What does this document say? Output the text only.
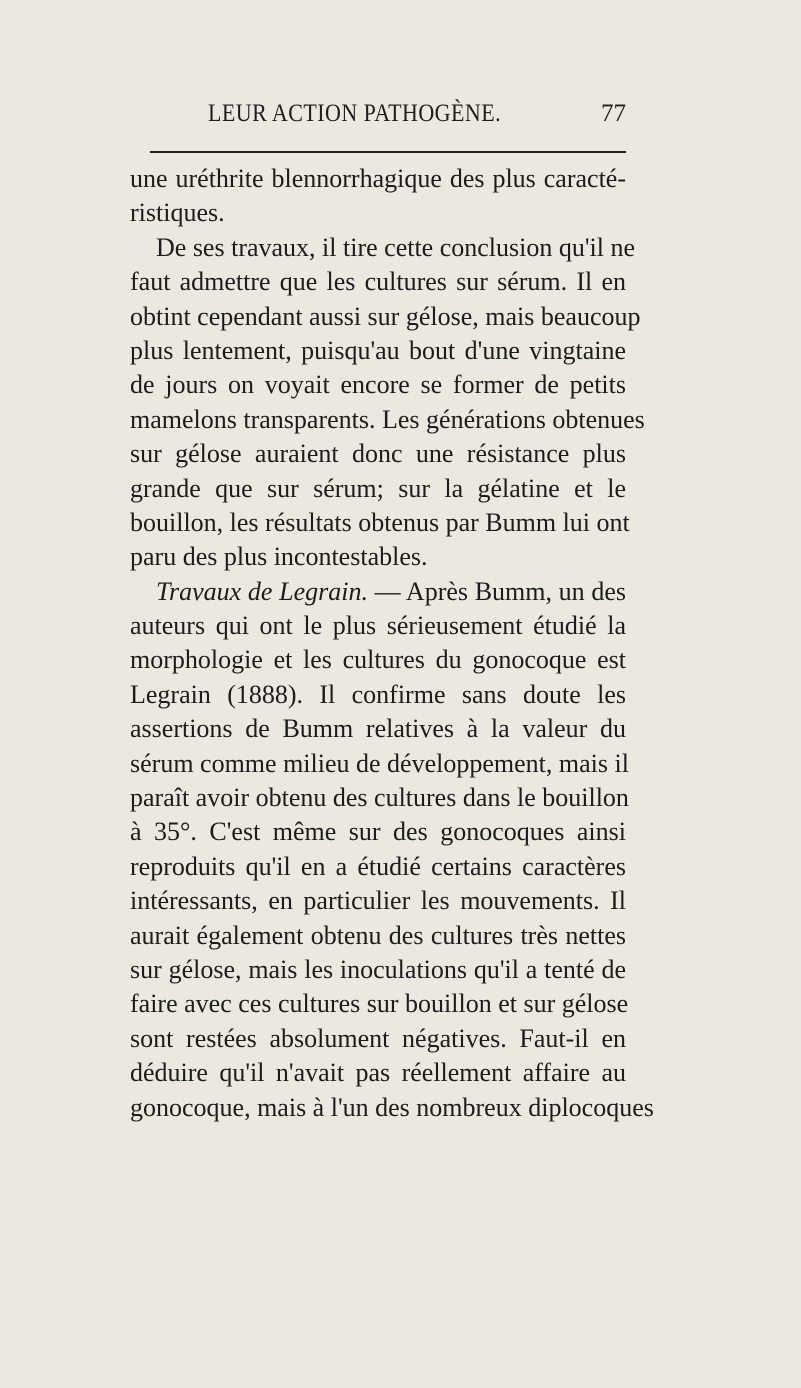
LEUR ACTION PATHOGÈNE.	77
une uréthrite blennorrhagique des plus caracté-
ristiques.
De ses travaux, il tire cette conclusion qu'il ne
faut admettre que les cultures sur sérum. Il en
obtint cependant aussi sur gélose, mais beaucoup
plus lentement, puisqu'au bout d'une vingtaine
de jours on voyait encore se former de petits
mamelons transparents. Les générations obtenues
sur gélose auraient donc une résistance plus
grande que sur sérum; sur la gélatine et le
bouillon, les résultats obtenus par Bumm lui ont
paru des plus incontestables.
Travaux de Legrain. — Après Bumm, un des
auteurs qui ont le plus sérieusement étudié la
morphologie et les cultures du gonocoque est
Legrain (1888). Il confirme sans doute les
assertions de Bumm relatives à la valeur du
sérum comme milieu de développement, mais il
paraît avoir obtenu des cultures dans le bouillon
à 35°. C'est même sur des gonocoques ainsi
reproduits qu'il en a étudié certains caractères
intéressants, en particulier les mouvements. Il
aurait également obtenu des cultures très nettes
sur gélose, mais les inoculations qu'il a tenté de
faire avec ces cultures sur bouillon et sur gélose
sont restées absolument négatives. Faut-il en
déduire qu'il n'avait pas réellement affaire au
gonocoque, mais à l'un des nombreux diplocoques
